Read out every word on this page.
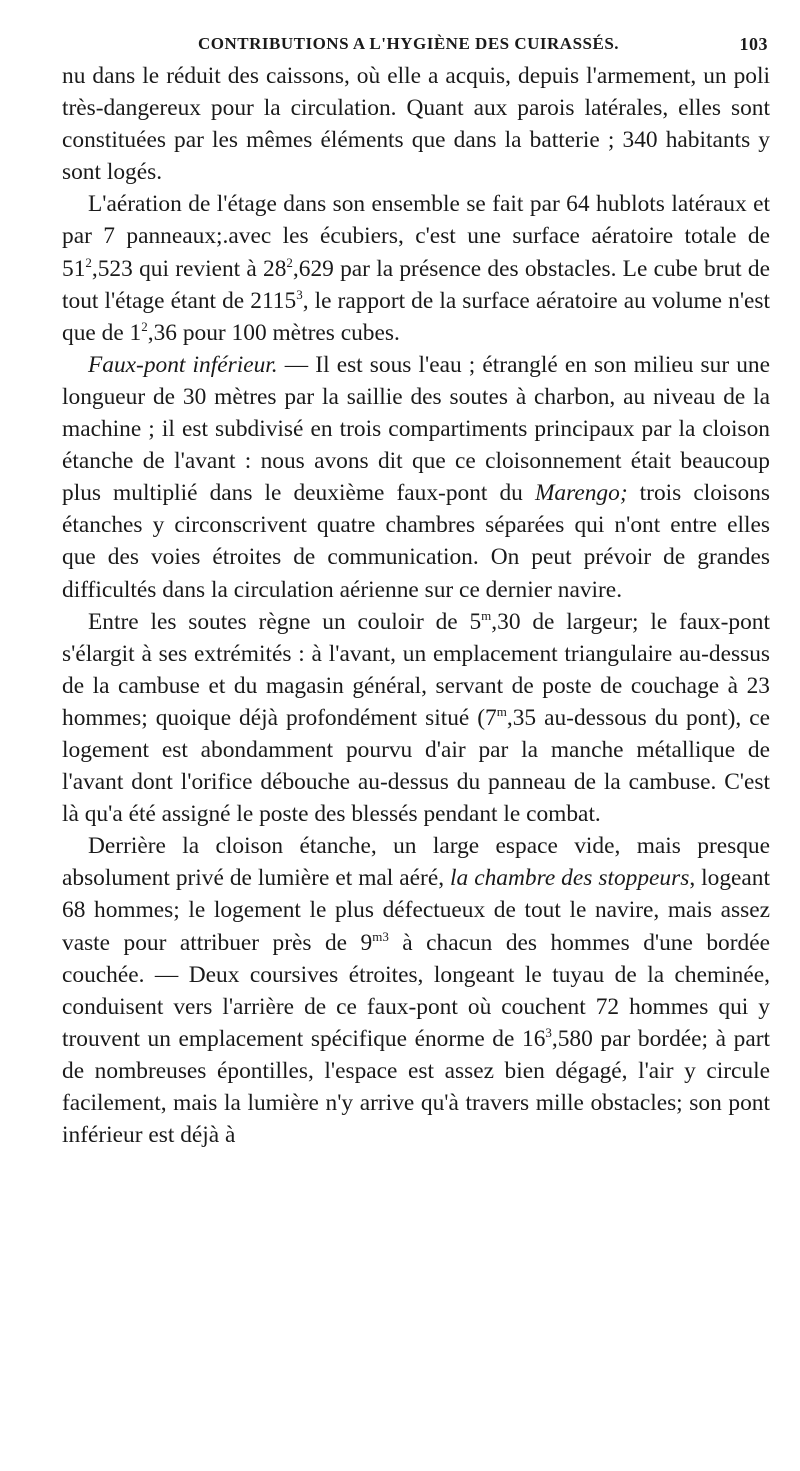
CONTRIBUTIONS A L'HYGIÈNE DES CUIRASSÉS.	103

nu dans le réduit des caissons, où elle a acquis, depuis l'armement, un poli très-dangereux pour la circulation. Quant aux parois latérales, elles sont constituées par les mêmes éléments que dans la batterie ; 340 habitants y sont logés.

L'aération de l'étage dans son ensemble se fait par 64 hublots latéraux et par 7 panneaux;.avec les écubiers, c'est une surface aératoire totale de $51^2,523$ qui revient à $28^2,629$ par la présence des obstacles. Le cube brut de tout l'étage étant de 2115$^3$, le rapport de la surface aératoire au volume n'est que de $1^2,36$ pour 100 mètres cubes.

Faux-pont inférieur. — Il est sous l'eau ; étranglé en son milieu sur une longueur de 30 mètres par la saillie des soutes à charbon, au niveau de la machine ; il est subdivisé en trois compartiments principaux par la cloison étanche de l'avant : nous avons dit que ce cloisonnement était beaucoup plus multiplié dans le deuxième faux-pont du Marengo; trois cloisons étanches y circonscrivent quatre chambres séparées qui n'ont entre elles que des voies étroites de communication. On peut prévoir de grandes difficultés dans la circulation aérienne sur ce dernier navire.

Entre les soutes règne un couloir de 5$^m$,30 de largeur; le faux-pont s'élargit à ses extrémités : à l'avant, un emplacement triangulaire au-dessus de la cambuse et du magasin général, servant de poste de couchage à 23 hommes; quoique déjà profondément situé (7$^m$,35 au-dessous du pont), ce logement est abondamment pourvu d'air par la manche métallique de l'avant dont l'orifice débouche au-dessus du panneau de la cambuse. C'est là qu'a été assigné le poste des blessés pendant le combat.

Derrière la cloison étanche, un large espace vide, mais presque absolument privé de lumière et mal aéré, la chambre des stoppeurs, logeant 68 hommes; le logement le plus défectueux de tout le navire, mais assez vaste pour attribuer près de $9^{m3}$ à chacun des hommes d'une bordée couchée. — Deux coursives étroites, longeant le tuyau de la cheminée, conduisent vers l'arrière de ce faux-pont où couchent 72 hommes qui y trouvent un emplacement spécifique énorme de $16^3,580$ par bordée; à part de nombreuses épontilles, l'espace est assez bien dégagé, l'air y circule facilement, mais la lumière n'y arrive qu'à travers mille obstacles; son pont inférieur est déjà à
